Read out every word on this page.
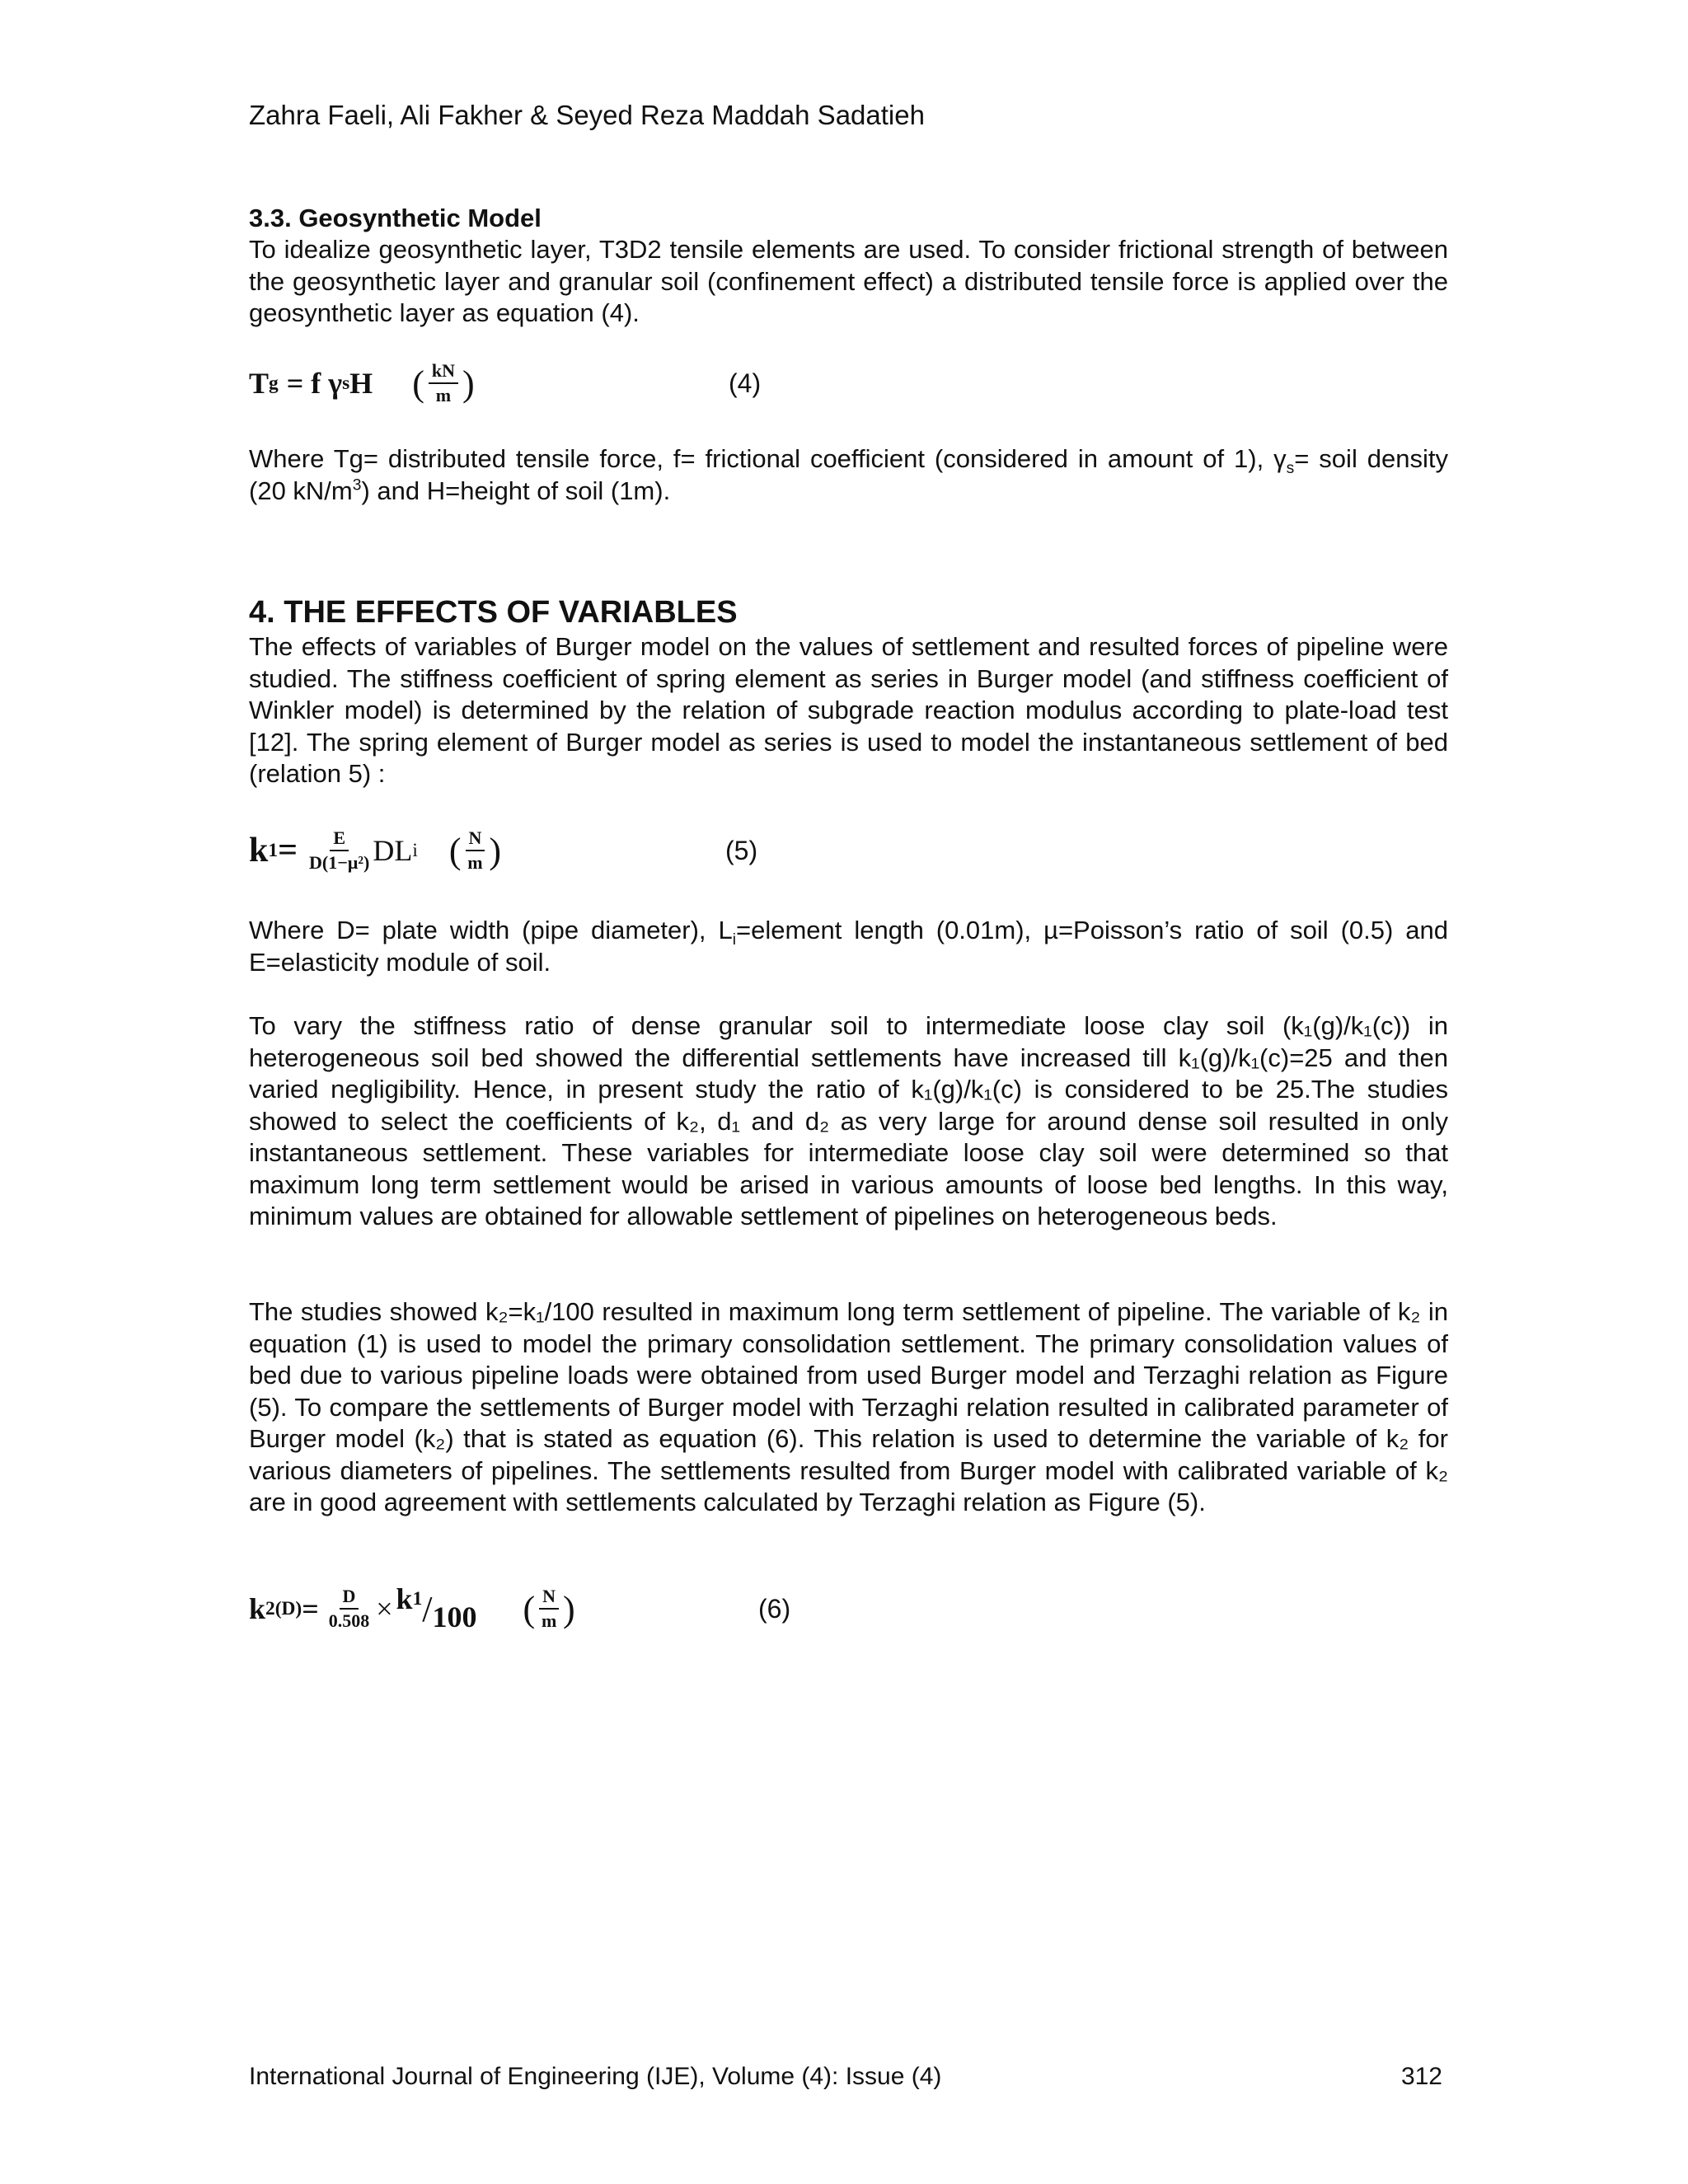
Zahra Faeli, Ali Fakher & Seyed Reza Maddah Sadatieh

3.3. Geosynthetic Model

To idealize geosynthetic layer, T3D2 tensile elements are used. To consider frictional strength of between the geosynthetic layer and granular soil (confinement effect) a distributed tensile force is applied over the geosynthetic layer as equation (4).

T g = f γ s H ( $\frac{kN}{m}$ )	(4)

Where Tg= distributed tensile force, f= frictional coefficient (considered in amount of 1), $\gamma_s=$ soil density (20 $kN/m^3$) and H=height of soil (1m).

4. THE EFFECTS OF VARIABLES

The effects of variables of Burger model on the values of settlement and resulted forces of pipeline were studied. The stiffness coefficient of spring element as series in Burger model (and stiffness coefficient of Winkler model) is determined by the relation of subgrade reaction modulus according to plate-load test [12]. The spring element of Burger model as series is used to model the instantaneous settlement of bed (relation 5) :

k $1 = \frac{E}{\text{D(1−µ²)}}$ DL i ( $\frac{N}{m}$ )	(5)

Where D= plate width (pipe diameter), $L_i=element$ length (0.01m), µ=Poisson’s ratio of soil (0.5) and E=elasticity module of soil.

To vary the stiffness ratio of dense granular soil to intermediate loose clay soil (k₁(g)/k₁(c)) in heterogeneous soil bed showed the differential settlements have increased till k₁(g)/k₁(c)=25 and then varied negligibility. Hence, in present study the ratio of k₁(g)/k₁(c) is considered to be 25.The studies showed to select the coefficients of k₂, d₁ and d₂ as very large for around dense soil resulted in only instantaneous settlement. These variables for intermediate loose clay soil were determined so that maximum long term settlement would be arised in various amounts of loose bed lengths. In this way, minimum values are obtained for allowable settlement of pipelines on heterogeneous beds.

The studies showed k₂=k₁/100 resulted in maximum long term settlement of pipeline. The variable of k₂ in equation (1) is used to model the primary consolidation settlement. The primary consolidation values of bed due to various pipeline loads were obtained from used Burger model and Terzaghi relation as Figure (5). To compare the settlements of Burger model with Terzaghi relation resulted in calibrated parameter of Burger model (k₂) that is stated as equation (6). This relation is used to determine the variable of k₂ for various diameters of pipelines. The settlements resulted from Burger model with calibrated variable of k₂ are in good agreement with settlements calculated by Terzaghi relation as Figure (5).

k $2(D) = \frac{D}{0.508} \times k$ 1 / 100 ( $\frac{N}{m}$ )	(6)
International Journal of Engineering (IJE), Volume (4): Issue (4)	312
